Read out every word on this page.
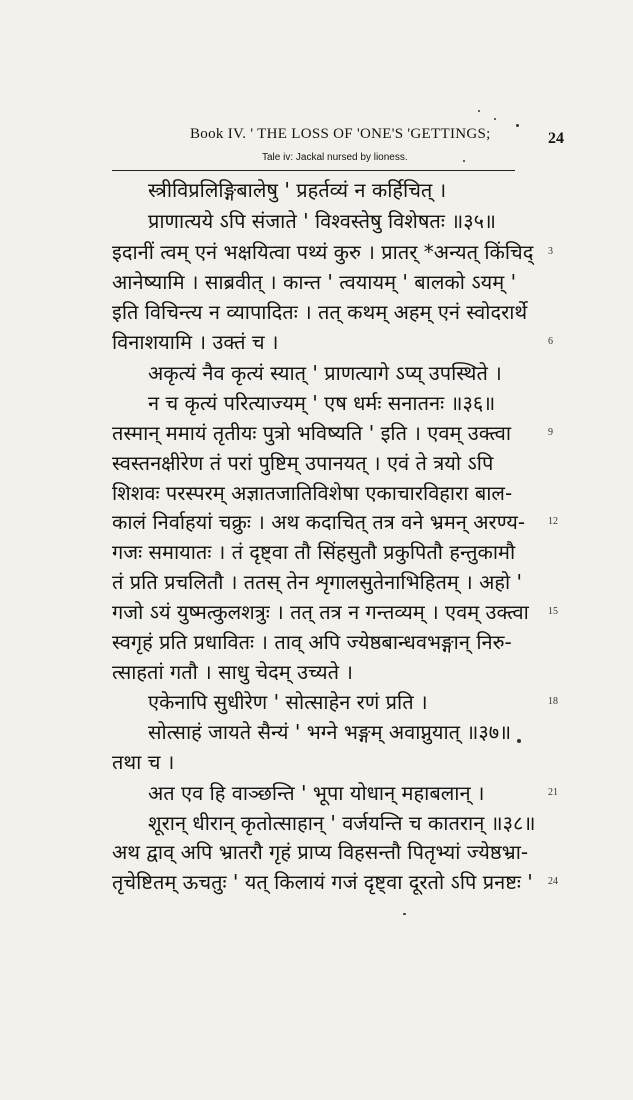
Book IV. ' THE LOSS OF 'ONE'S 'GETTINGS;	24
Tale iv: Jackal nursed by lioness.
स्त्रीविप्रलिङ्गिबालेषु ' प्रहर्तव्यं न कर्हिचित् ।
प्राणात्यये ऽपि संजाते ' विश्वस्तेषु विशेषतः ॥३५॥
इदानीं त्वम् एनं भक्षयित्वा पथ्यं कुरु । प्रातर् *अन्यत् किंचिद् 3
आनेष्यामि । साब्रवीत् । कान्त ' त्वयायम् ' बालको ऽयम् '
इति विचिन्त्य न व्यापादितः । तत् कथम् अहम् एनं स्वोदरार्थे
विनाशयामि । उक्तं च ।	6
अकृत्यं नैव कृत्यं स्यात् ' प्राणत्यागे ऽप्य् उपस्थिते ।
न च कृत्यं परित्याज्यम् ' एष धर्मः सनातनः ॥३६॥
तस्मान् ममायं तृतीयः पुत्रो भविष्यति ' इति । एवम् उक्त्वा	9
स्वस्तनक्षीरेण तं परां पुष्टिम् उपानयत् । एवं ते त्रयो ऽपि
शिशवः परस्परम् अज्ञातजातिविशेषा एकाचारविहारा बाल-
कालं निर्वाहयां चक्रुः । अथ कदाचित् तत्र वने भ्रमन् अरण्य- 12
गजः समायातः । तं दृष्ट्वा तौ सिंहसुतौ प्रकुपितौ हन्तुकामौ
तं प्रति प्रचलितौ । ततस् तेन शृगालसुतेनाभिहितम् । अहो '
गजो ऽयं युष्मत्कुलशत्रुः । तत् तत्र न गन्तव्यम् । एवम् उक्त्वा 15
स्वगृहं प्रति प्रधावितः । ताव् अपि ज्येष्ठबान्धवभङ्गान् निरु-
त्साहतां गतौ । साधु चेदम् उच्यते ।
एकेनापि सुधीरेण ' सोत्साहेन रणं प्रति ।	18
सोत्साहं जायते सैन्यं ' भग्ने भङ्गम् अवाप्नुयात् ॥३७॥
तथा च ।
अत एव हि वाञ्छन्ति ' भूपा योधान् महाबलान् ।	21
शूरान् धीरान् कृतोत्साहान् ' वर्जयन्ति च कातरान् ॥३८॥
अथ द्वाव् अपि भ्रातरौ गृहं प्राप्य विहसन्तौ पितृभ्यां ज्येष्ठभ्रा-
तृचेष्टितम् ऊचतुः ' यत् किलायं गजं दृष्ट्वा दूरतो ऽपि प्रनष्टः ' 24
